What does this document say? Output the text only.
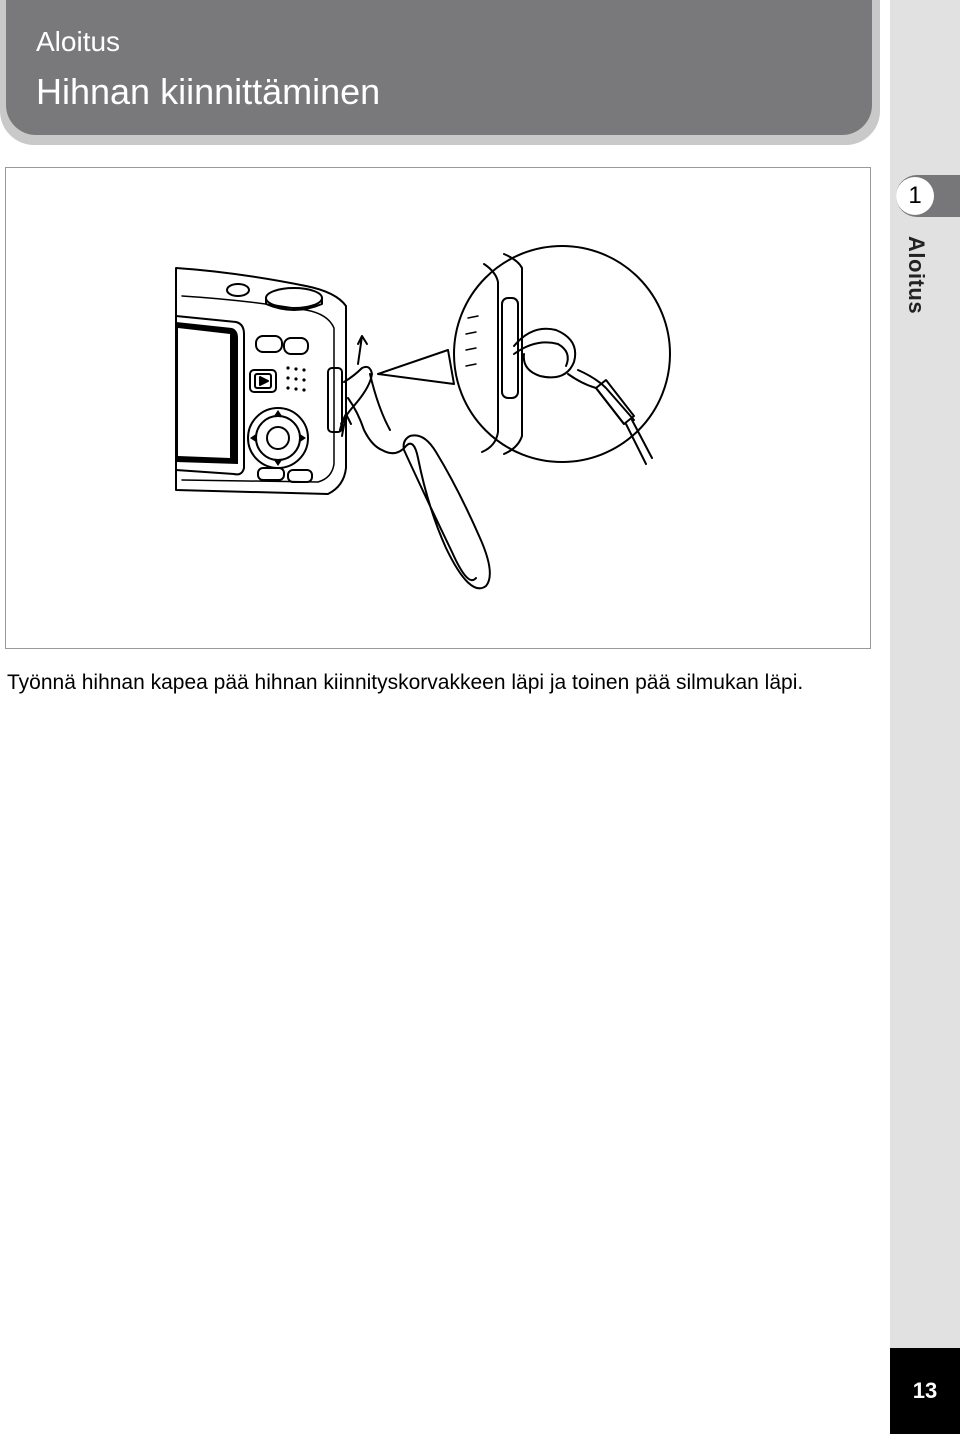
Aloitus
Hihnan kiinnittäminen
1
Aloitus
13
Työnnä hihnan kapea pää hihnan kiinnityskorvakkeen läpi ja toinen pää silmukan läpi.
